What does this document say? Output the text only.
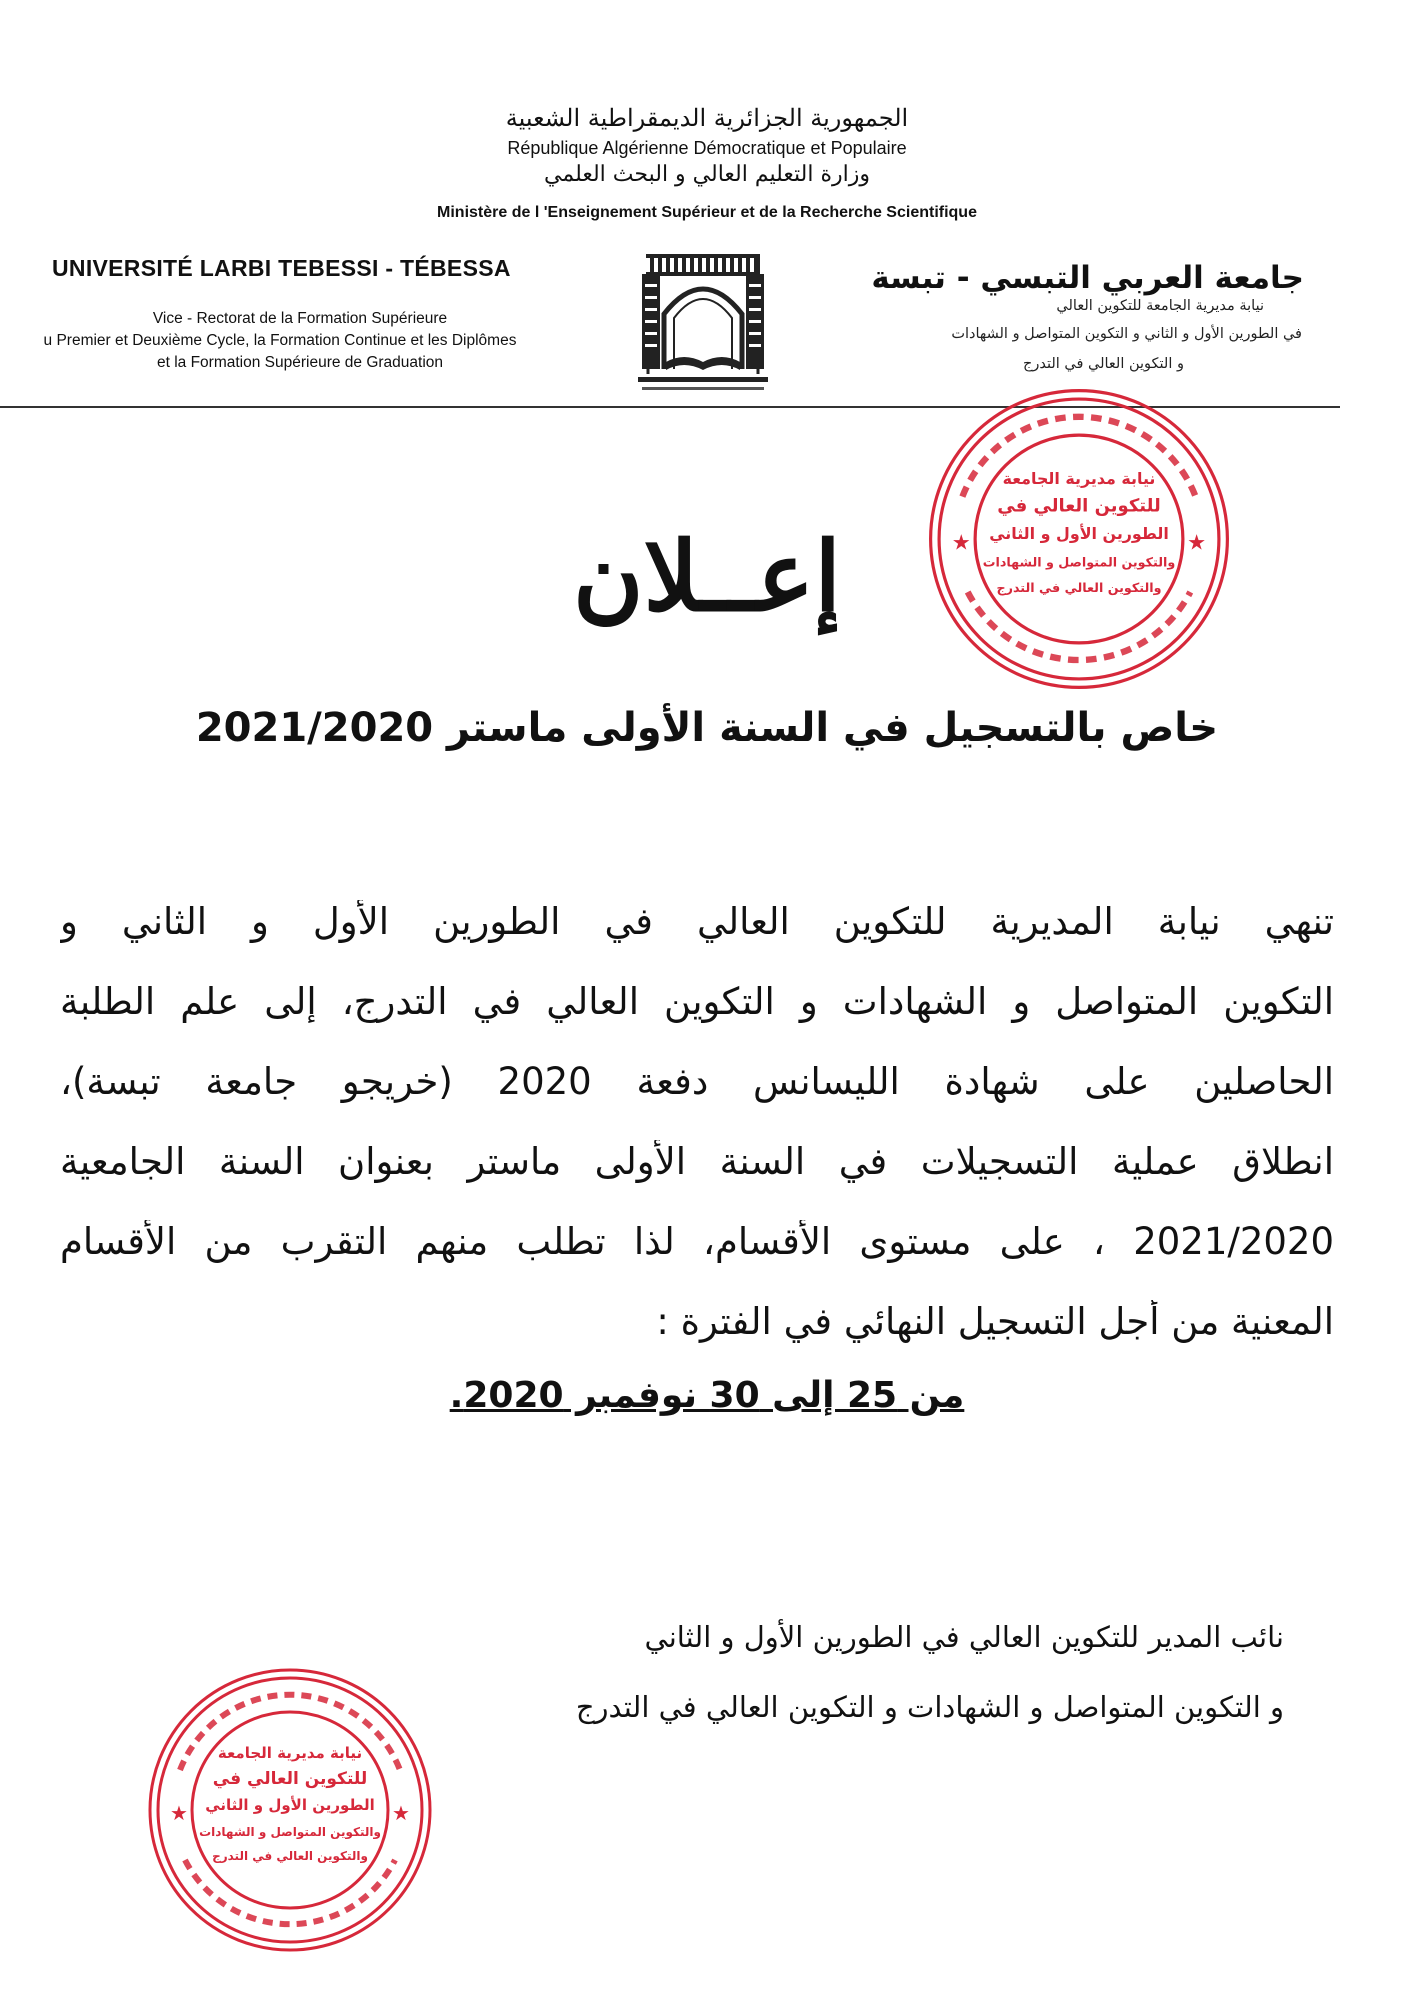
الجمهورية الجزائرية الديمقراطية الشعبية
République Algérienne Démocratique et Populaire
وزارة التعليم العالي و البحث العلمي
Ministère de l 'Enseignement Supérieur et de la Recherche Scientifique
UNIVERSITÉ LARBI TEBESSI - TÉBESSA
Vice - Rectorat de la Formation Supérieure
u Premier et Deuxième Cycle, la Formation Continue et les Diplômes
et la Formation Supérieure de Graduation
جامعة العربي التبسي - تبسة
نيابة مديرية الجامعة للتكوين العالي
في الطورين الأول و الثاني و التكوين المتواصل و الشهادات
و التكوين العالي في التدرج
★	★
نيابة مديرية الجامعة
للتكوين العالي في
الطورين الأول و الثاني
والتكوين المتواصل و الشهادات
والتكوين العالي في التدرج
إعــلان
خاص بالتسجيل في السنة الأولى ماستر 2021/2020
تنهي نيابة المديرية للتكوين العالي في الطورين الأول و الثاني و
التكوين المتواصل و الشهادات و التكوين العالي في التدرج، إلى علم الطلبة
الحاصلين على شهادة الليسانس دفعة 2020 (خريجو جامعة تبسة)،
انطلاق عملية التسجيلات في السنة الأولى ماستر بعنوان السنة الجامعية
2021/2020 ، على مستوى الأقسام، لذا تطلب منهم التقرب من الأقسام
المعنية من أجل التسجيل النهائي في الفترة :
من 25 إلى 30 نوفمبر 2020.
نائب المدير للتكوين العالي في الطورين الأول و الثاني
و التكوين المتواصل و الشهادات و التكوين العالي في التدرج
★	★
نيابة مديرية الجامعة
للتكوين العالي في
الطورين الأول و الثاني
والتكوين المتواصل و الشهادات
والتكوين العالي في التدرج
